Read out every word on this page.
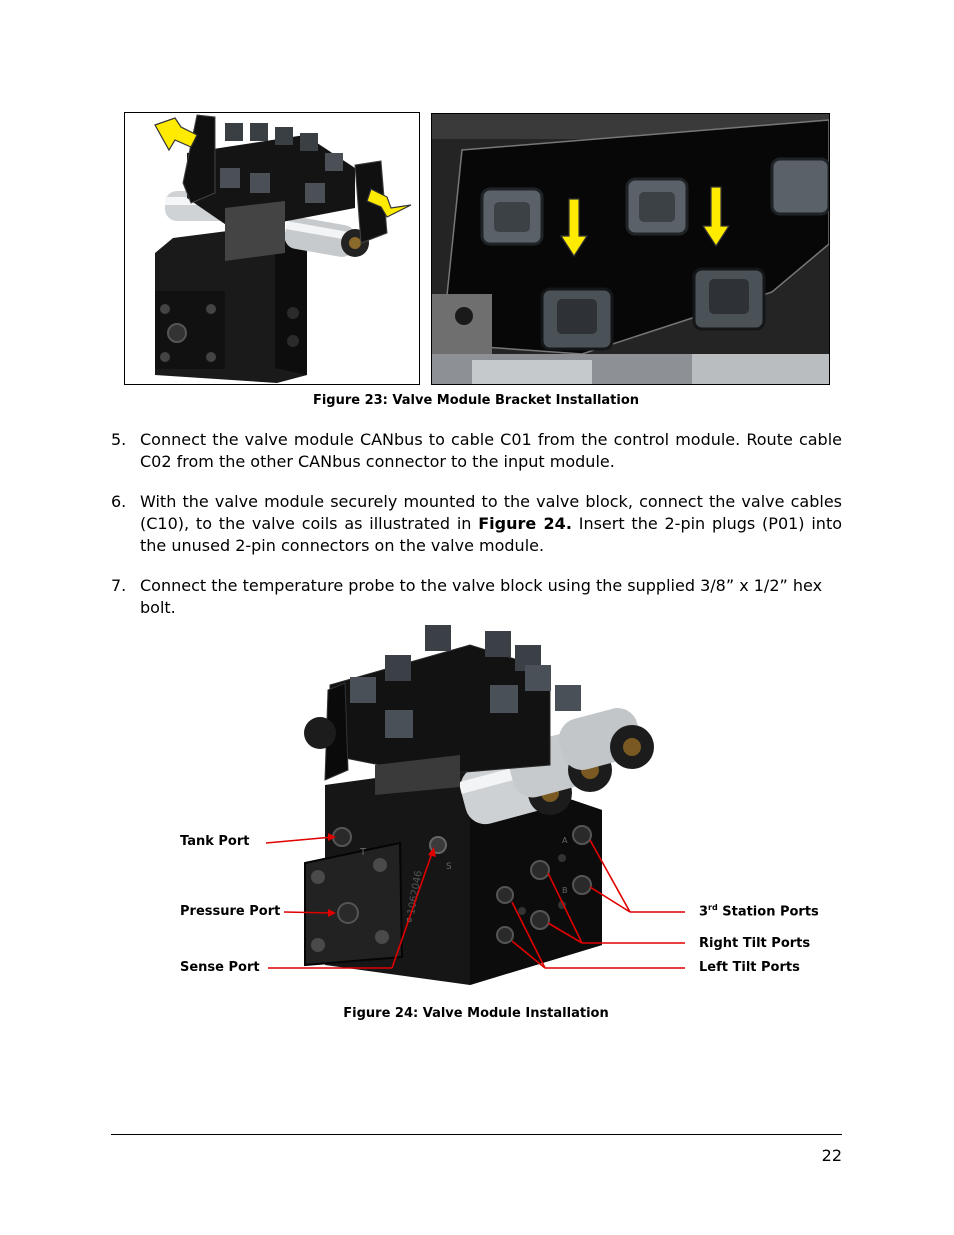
Figure 23: Valve Module Bracket Installation
5. Connect the valve module CANbus to cable C01 from the control module. Route cable C02 from the other CANbus connector to the input module.
6. With the valve module securely mounted to the valve block, connect the valve cables (C10), to the valve coils as illustrated in Figure 24. Insert the 2-pin plugs (P01) into the unused 2-pin connectors on the valve module.
7. Connect the temperature probe to the valve block using the supplied 3/8” x 1/2” hex bolt.
T
S
P
A
B
1062046
Tank Port
Pressure Port
Sense Port
3rd Station Ports
Right Tilt Ports
Left Tilt Ports
Figure 24: Valve Module Installation
22
